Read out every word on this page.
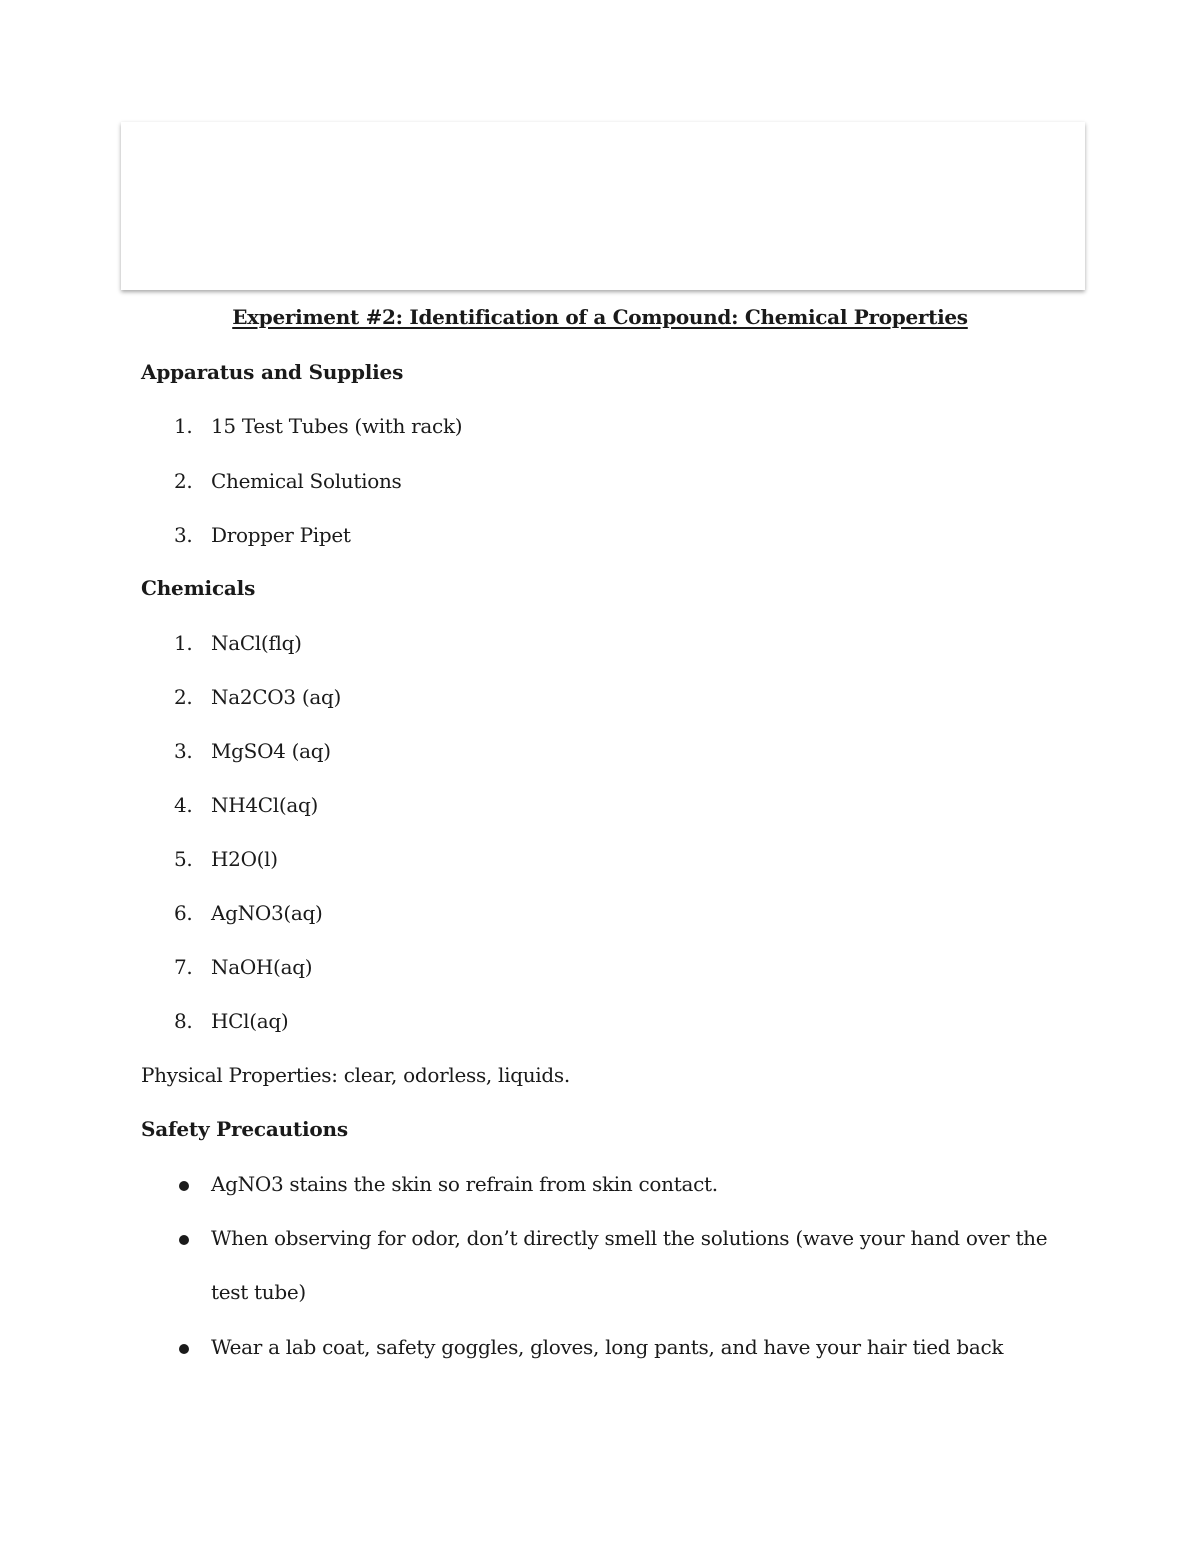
Experiment #2: Identification of a Compound: Chemical Properties
Apparatus and Supplies
1. 15 Test Tubes (with rack)
2. Chemical Solutions
3. Dropper Pipet
Chemicals
1. NaCl(flq)
2. Na2CO3 (aq)
3. MgSO4 (aq)
4. NH4Cl(aq)
5. H2O(l)
6. AgNO3(aq)
7. NaOH(aq)
8. HCl(aq)
Physical Properties: clear, odorless, liquids.
Safety Precautions
AgNO3 stains the skin so refrain from skin contact.
When observing for odor, don’t directly smell the solutions (wave your hand over the test tube)
Wear a lab coat, safety goggles, gloves, long pants, and have your hair tied back
